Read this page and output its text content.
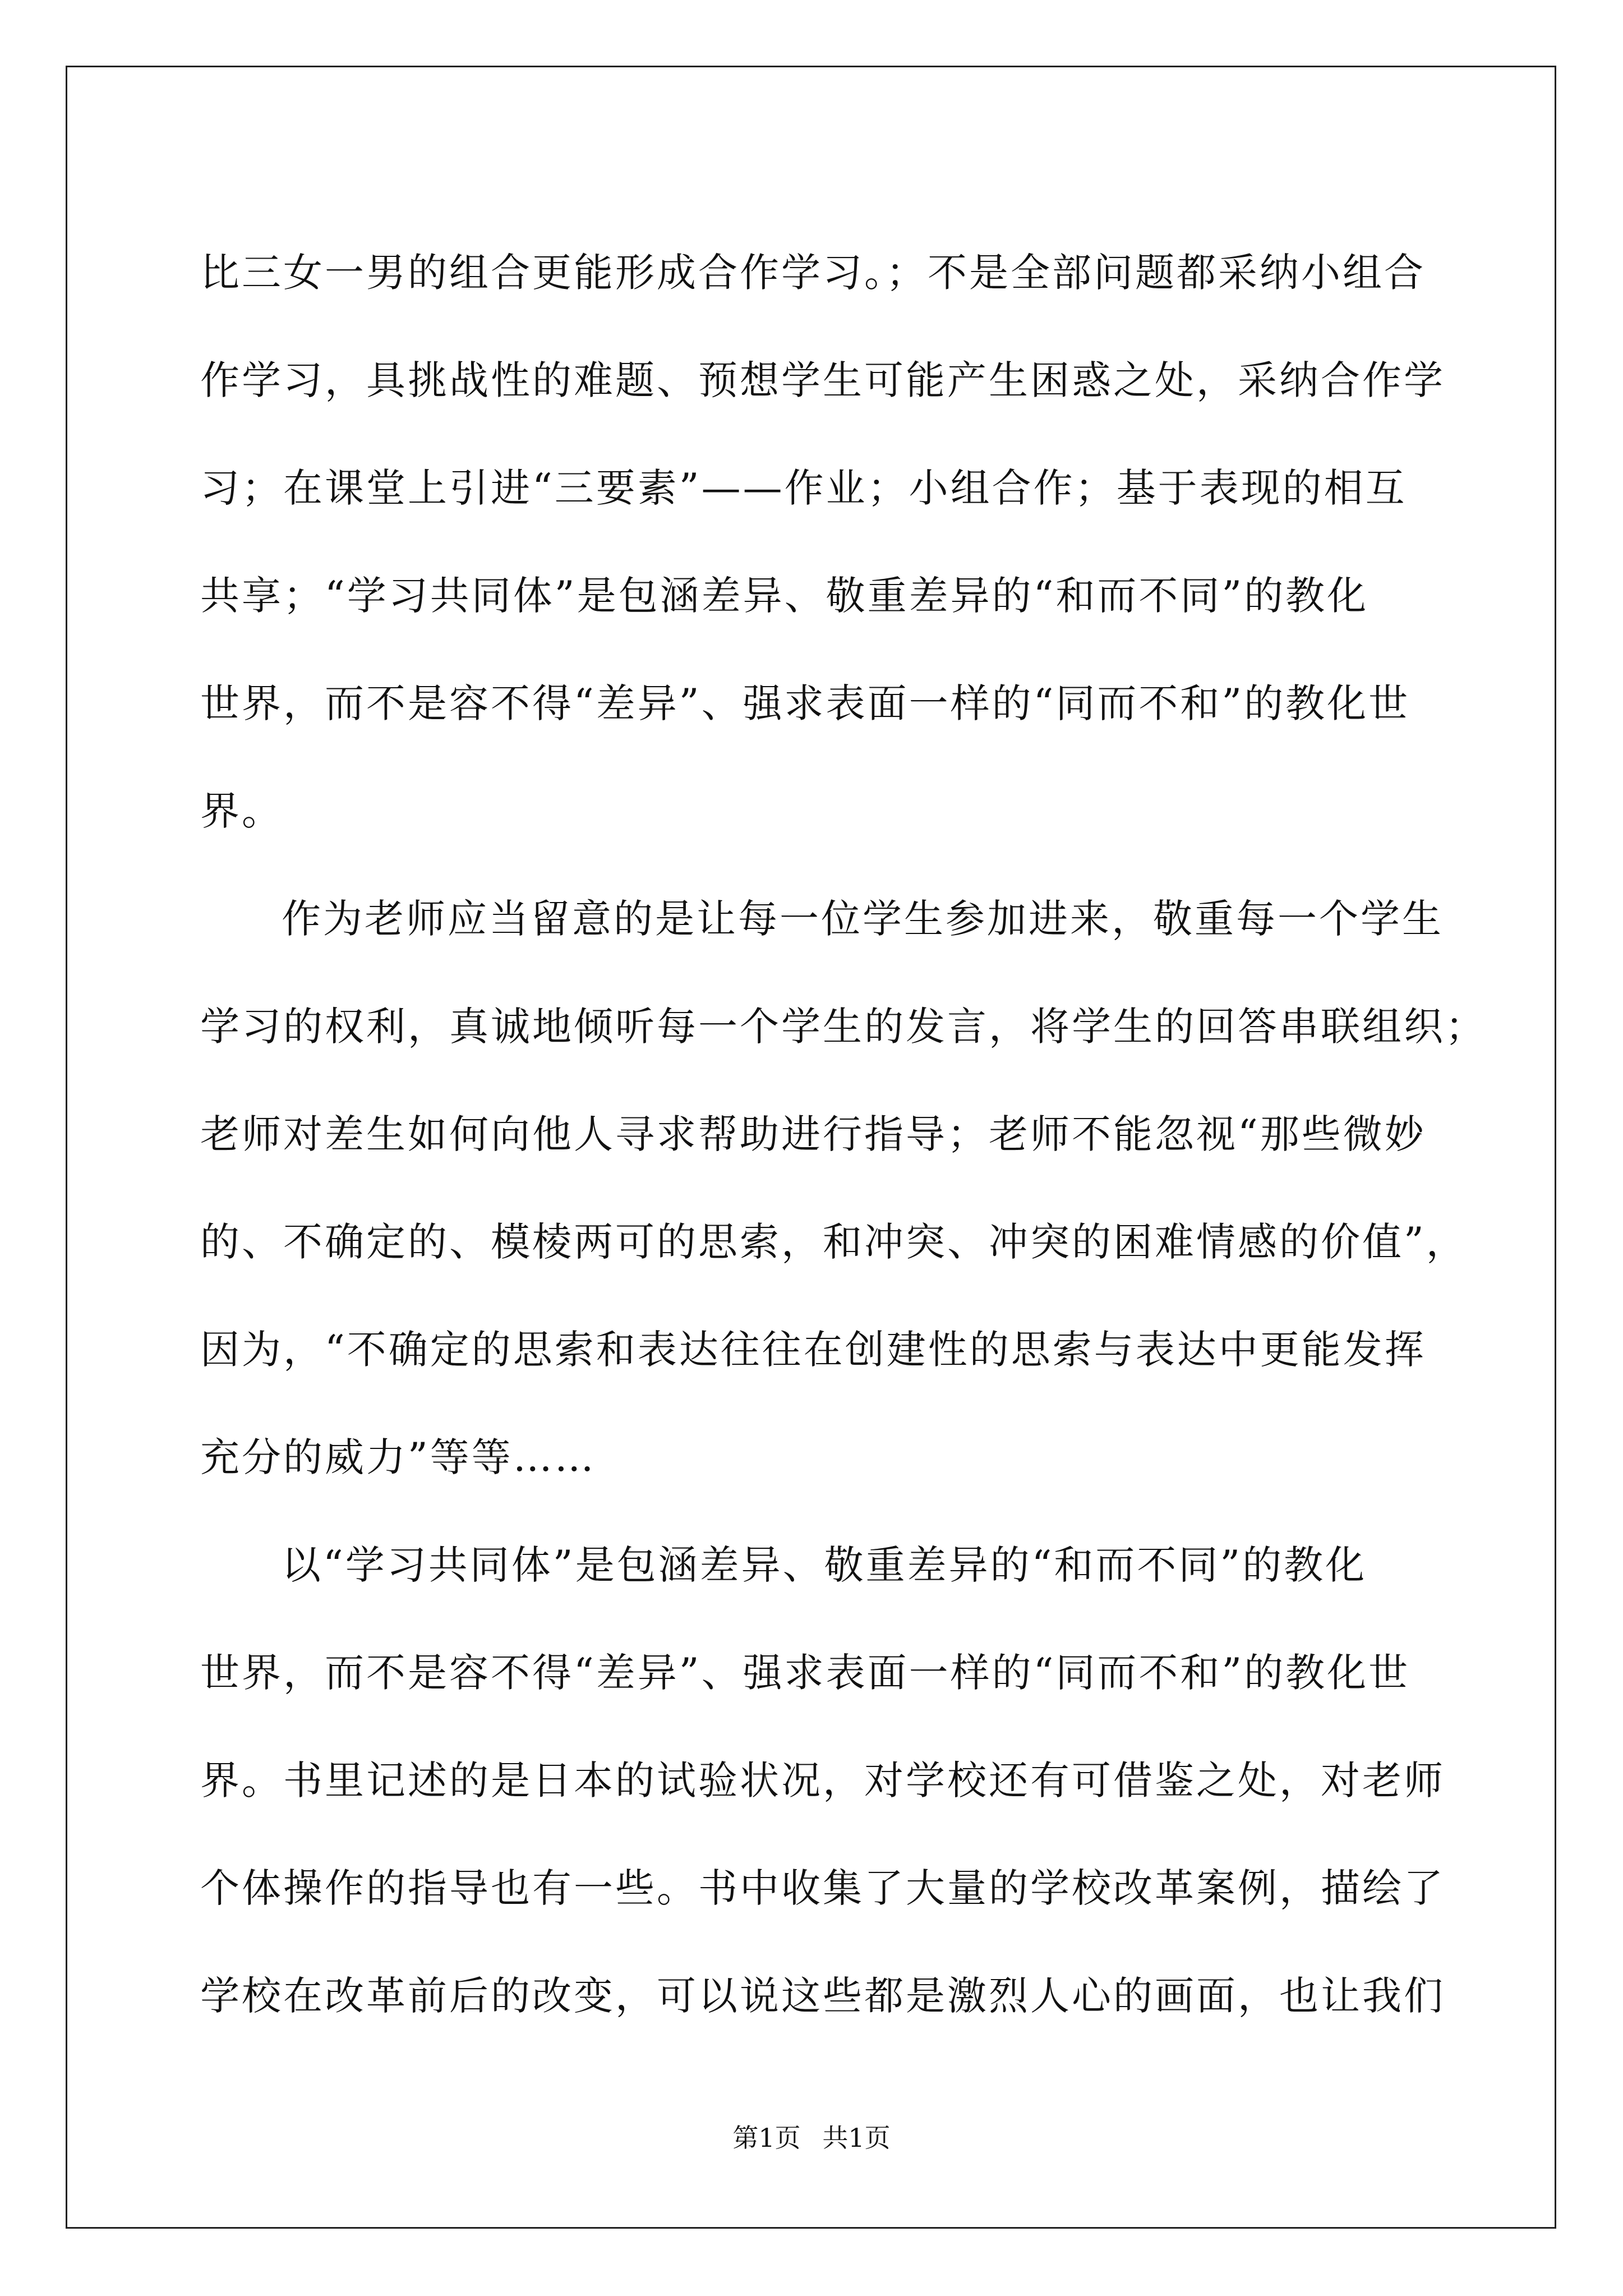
比三女一男的组合更能形成合作学习。；不是全部问题都采纳小组合
作学习，具挑战性的难题、预想学生可能产生困惑之处，采纳合作学
习；在课堂上引进“三要素”——作业；小组合作；基于表现的相互
共享；“学习共同体”是包涵差异、敬重差异的“和而不同”的教化
世界，而不是容不得“差异”、强求表面一样的“同而不和”的教化世
界。
作为老师应当留意的是让每一位学生参加进来，敬重每一个学生
学习的权利，真诚地倾听每一个学生的发言，将学生的回答串联组织；
老师对差生如何向他人寻求帮助进行指导；老师不能忽视“那些微妙
的、不确定的、模棱两可的思索，和冲突、冲突的困难情感的价值”，
因为，“不确定的思索和表达往往在创建性的思索与表达中更能发挥
充分的威力”等等……
以“学习共同体”是包涵差异、敬重差异的“和而不同”的教化
世界，而不是容不得“差异”、强求表面一样的“同而不和”的教化世
界。书里记述的是日本的试验状况，对学校还有可借鉴之处，对老师
个体操作的指导也有一些。书中收集了大量的学校改革案例，描绘了
学校在改革前后的改变，可以说这些都是激烈人心的画面，也让我们
第1页 共1页
